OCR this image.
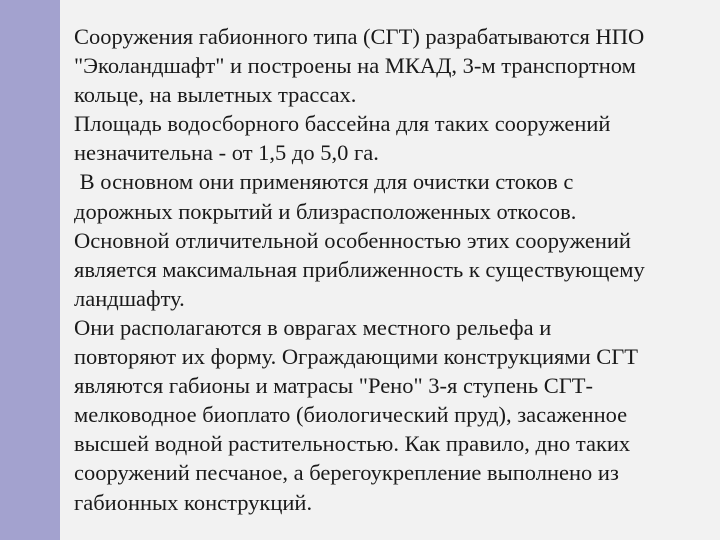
Сооружения габионного типа (СГТ) разрабатываются НПО
"Эколандшафт" и построены на МКАД, 3-м транспортном
кольце, на вылетных трассах.
Площадь водосборного бассейна для таких сооружений
незначительна - от 1,5 до 5,0 га.
В основном они применяются для очистки стоков с
дорожных покрытий и близрасположенных откосов.
Основной отличительной особенностью этих сооружений
является максимальная приближенность к существующему
ландшафту.
Они располагаются в оврагах местного рельефа и
повторяют их форму. Ограждающими конструкциями СГТ
являются габионы и матрасы "Рено" 3-я ступень СГТ-
мелководное биоплато (биологический пруд), засаженное
высшей водной растительностью. Как правило, дно таких
сооружений песчаное, а берегоукрепление выполнено из
габионных конструкций.
